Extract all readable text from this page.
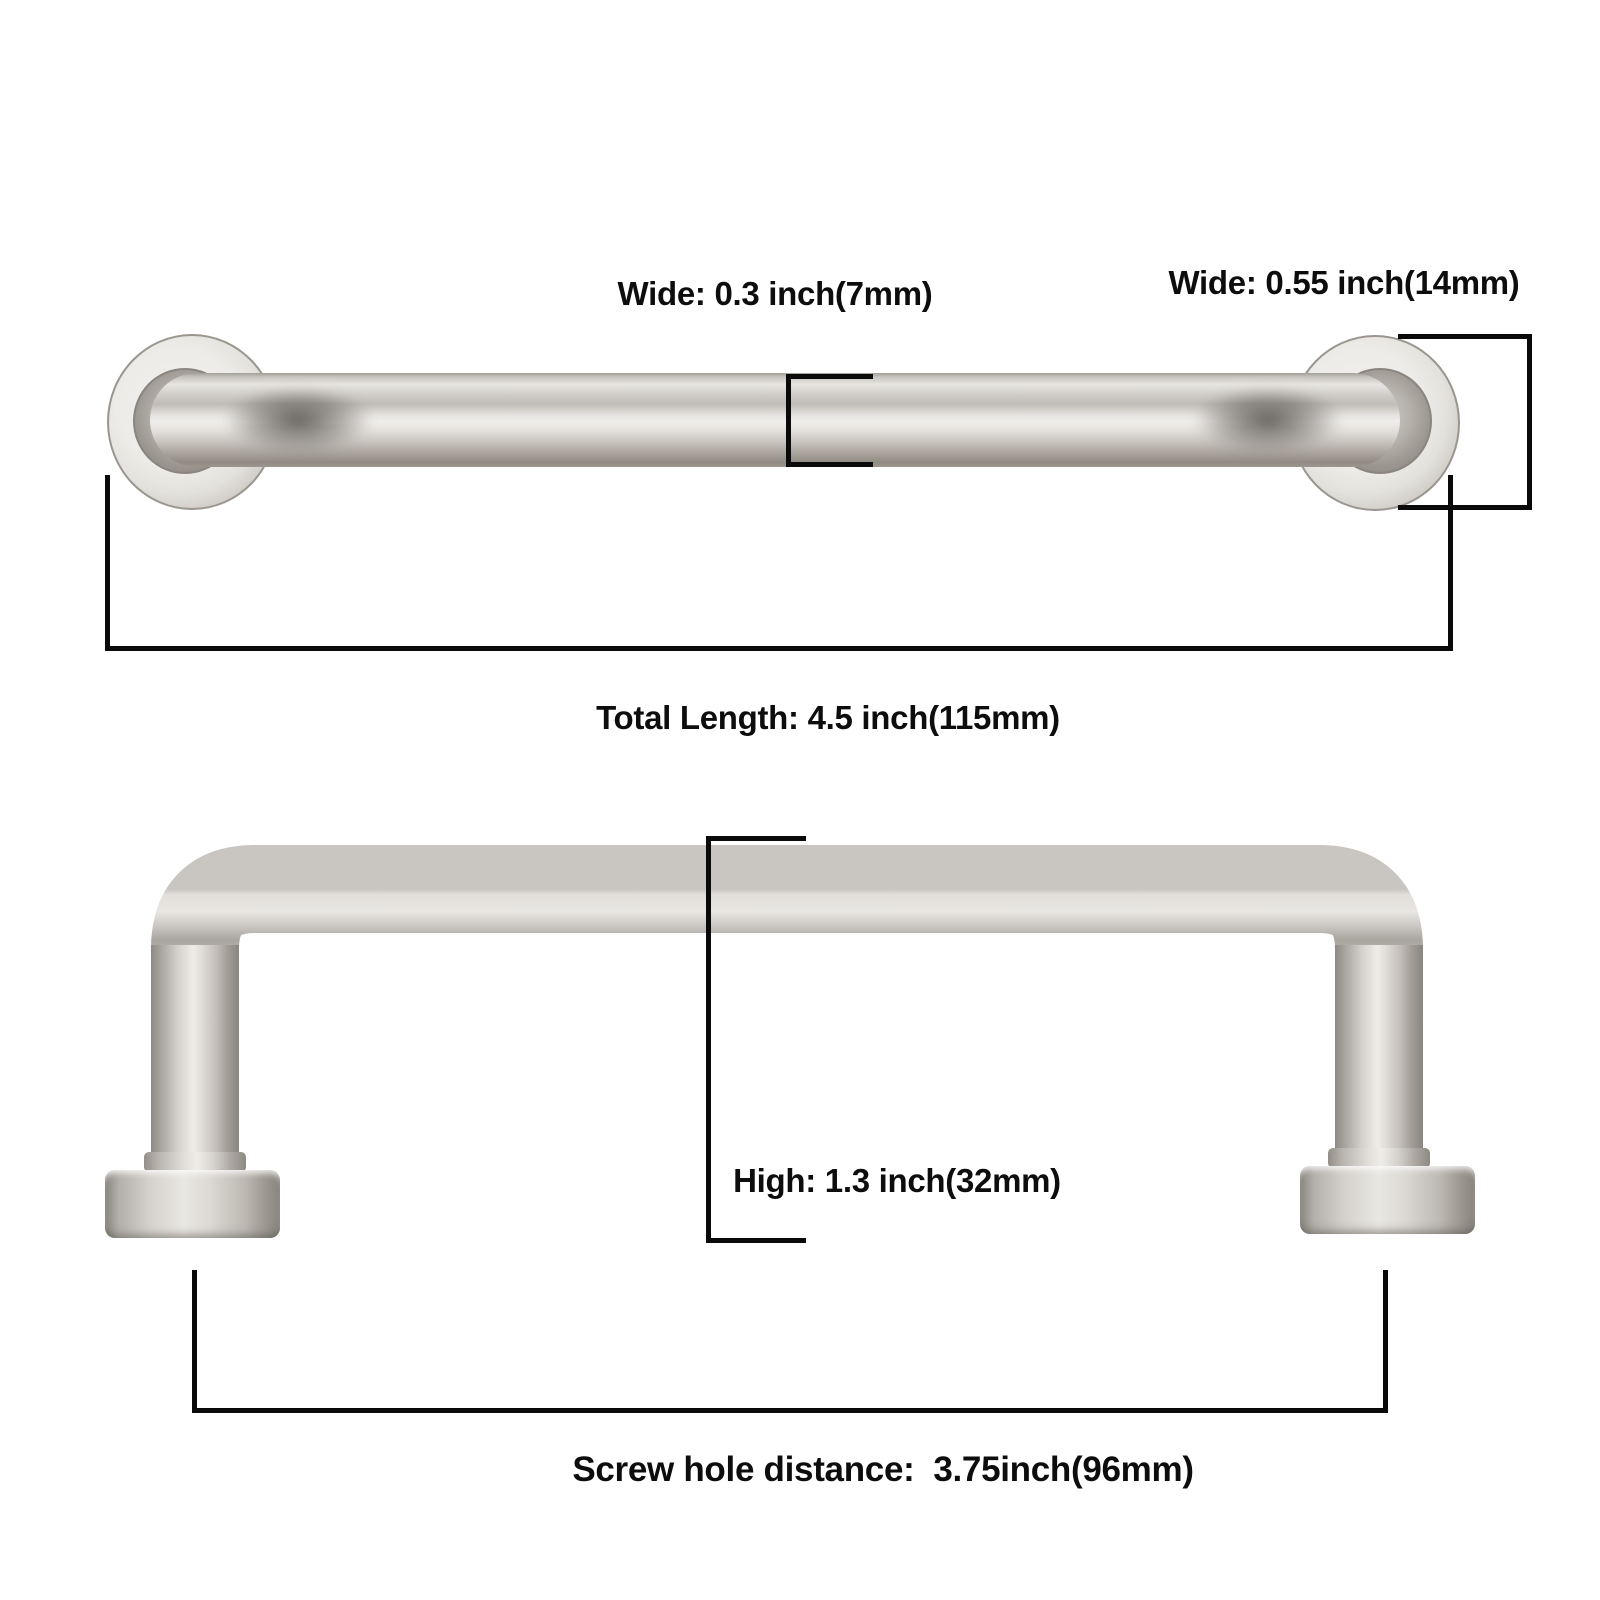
Wide: 0.3 inch(7mm)	Wide: 0.55 inch(14mm)
Total Length: 4.5 inch(115mm)
High: 1.3 inch(32mm)
Screw hole distance:  3.75inch(96mm)
